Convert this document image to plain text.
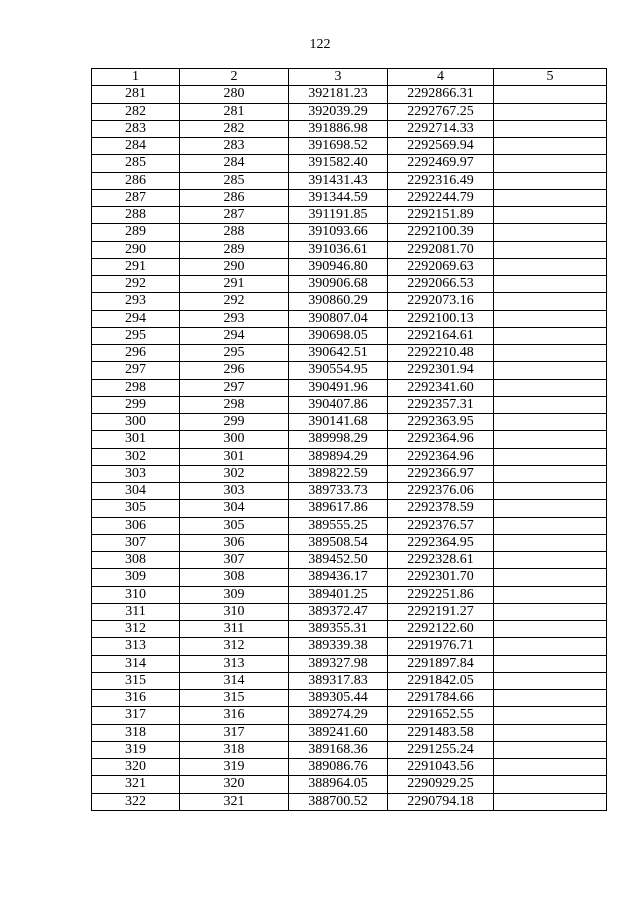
122
1	2	3	4	5
281	280	392181.23	2292866.31	
282	281	392039.29	2292767.25	
283	282	391886.98	2292714.33	
284	283	391698.52	2292569.94	
285	284	391582.40	2292469.97	
286	285	391431.43	2292316.49	
287	286	391344.59	2292244.79	
288	287	391191.85	2292151.89	
289	288	391093.66	2292100.39	
290	289	391036.61	2292081.70	
291	290	390946.80	2292069.63	
292	291	390906.68	2292066.53	
293	292	390860.29	2292073.16	
294	293	390807.04	2292100.13	
295	294	390698.05	2292164.61	
296	295	390642.51	2292210.48	
297	296	390554.95	2292301.94	
298	297	390491.96	2292341.60	
299	298	390407.86	2292357.31	
300	299	390141.68	2292363.95	
301	300	389998.29	2292364.96	
302	301	389894.29	2292364.96	
303	302	389822.59	2292366.97	
304	303	389733.73	2292376.06	
305	304	389617.86	2292378.59	
306	305	389555.25	2292376.57	
307	306	389508.54	2292364.95	
308	307	389452.50	2292328.61	
309	308	389436.17	2292301.70	
310	309	389401.25	2292251.86	
311	310	389372.47	2292191.27	
312	311	389355.31	2292122.60	
313	312	389339.38	2291976.71	
314	313	389327.98	2291897.84	
315	314	389317.83	2291842.05	
316	315	389305.44	2291784.66	
317	316	389274.29	2291652.55	
318	317	389241.60	2291483.58	
319	318	389168.36	2291255.24	
320	319	389086.76	2291043.56	
321	320	388964.05	2290929.25	
322	321	388700.52	2290794.18	
